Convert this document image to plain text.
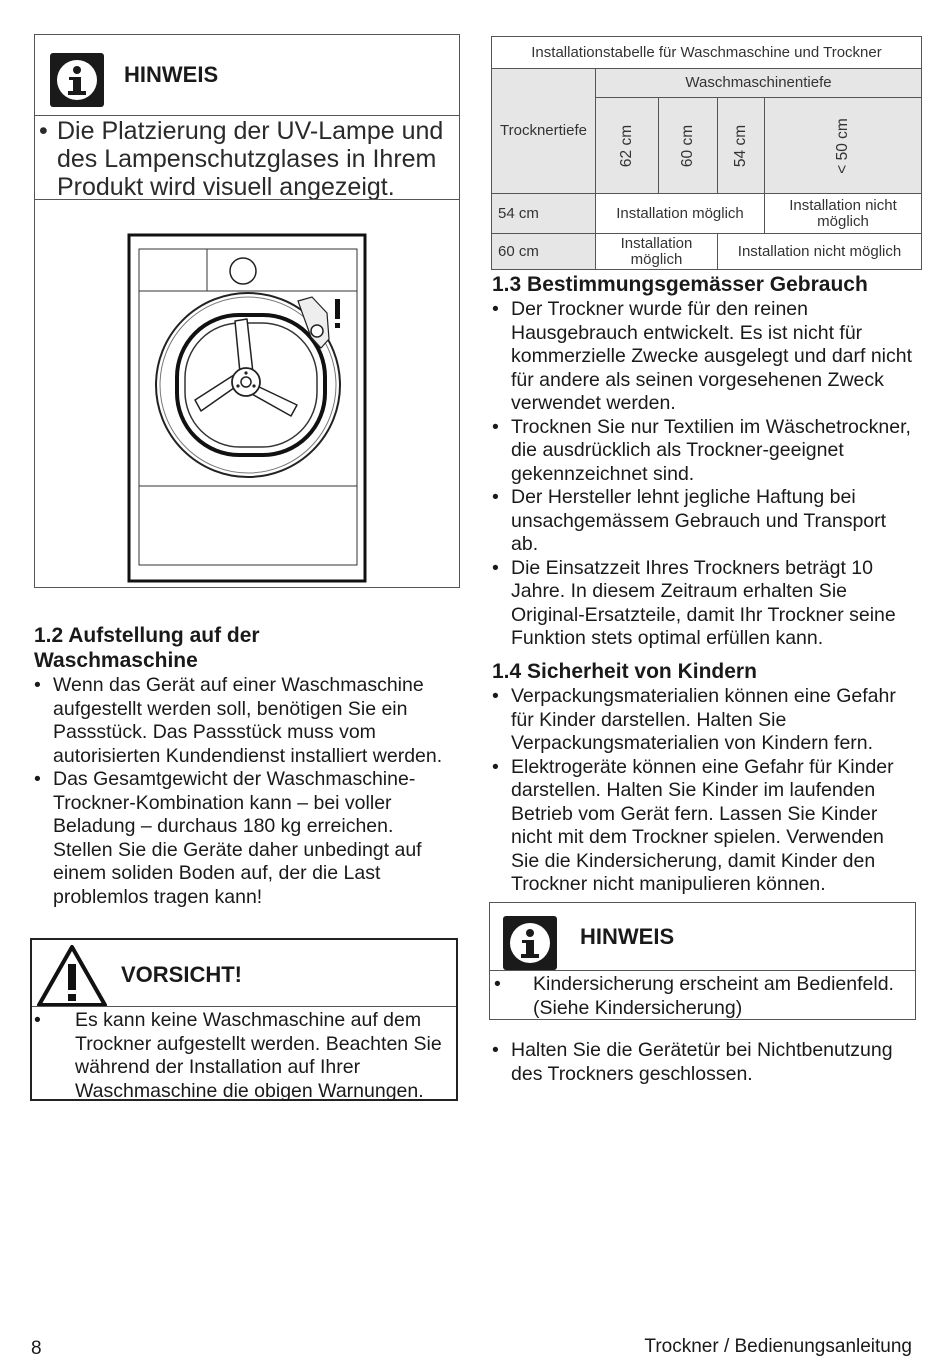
HINWEIS
• Die Platzierung der UV-Lampe und des Lampenschutzglases in Ihrem Produkt wird visuell angezeigt.
1.2 Aufstellung auf der Waschmaschine
• Wenn das Gerät auf einer Waschmaschine aufgestellt werden soll, benötigen Sie ein Passstück. Das Passstück muss vom autorisierten Kundendienst installiert werden.
• Das Gesamtgewicht der Waschmaschine-Trockner-Kombination kann – bei voller Beladung – durchaus 180 kg erreichen. Stellen Sie die Geräte daher unbedingt auf einem soliden Boden auf, der die Last problemlos tragen kann!
VORSICHT!
•	Es kann keine Waschmaschine auf dem Trockner aufgestellt werden. Beachten Sie während der Installation auf Ihrer Waschmaschine die obigen Warnungen.
Installationstabelle für Waschmaschine und Trockner				
Trocknertiefe	Waschmaschinentiefe			
	62 cm	60 cm	54 cm	< 50 cm
54 cm	Installation möglich			Installation nicht möglich
60 cm	Installation möglich		Installation nicht möglich	
1.3 Bestimmungsgemässer Gebrauch
• Der Trockner wurde für den reinen Hausgebrauch entwickelt. Es ist nicht für kommerzielle Zwecke ausgelegt und darf nicht für andere als seinen vorgesehenen Zweck verwendet werden.
• Trocknen Sie nur Textilien im Wäschetrockner, die ausdrücklich als Trockner-geeignet gekennzeichnet sind.
• Der Hersteller lehnt jegliche Haftung bei unsachgemässem Gebrauch und Transport ab.
• Die Einsatzzeit Ihres Trockners beträgt 10 Jahre. In diesem Zeitraum erhalten Sie Original-Ersatzteile, damit Ihr Trockner seine Funktion stets optimal erfüllen kann.
1.4 Sicherheit von Kindern
• Verpackungsmaterialien können eine Gefahr für Kinder darstellen. Halten Sie Verpackungsmaterialien von Kindern fern.
• Elektrogeräte können eine Gefahr für Kinder darstellen. Halten Sie Kinder im laufenden Betrieb vom Gerät fern. Lassen Sie Kinder nicht mit dem Trockner spielen. Verwenden Sie die Kindersicherung, damit Kinder den Trockner nicht manipulieren können.
HINWEIS
•	Kindersicherung erscheint am Bedienfeld. (Siehe Kindersicherung)
• Halten Sie die Gerätetür bei Nichtbenutzung des Trockners geschlossen.
8	Trockner / Bedienungsanleitung
